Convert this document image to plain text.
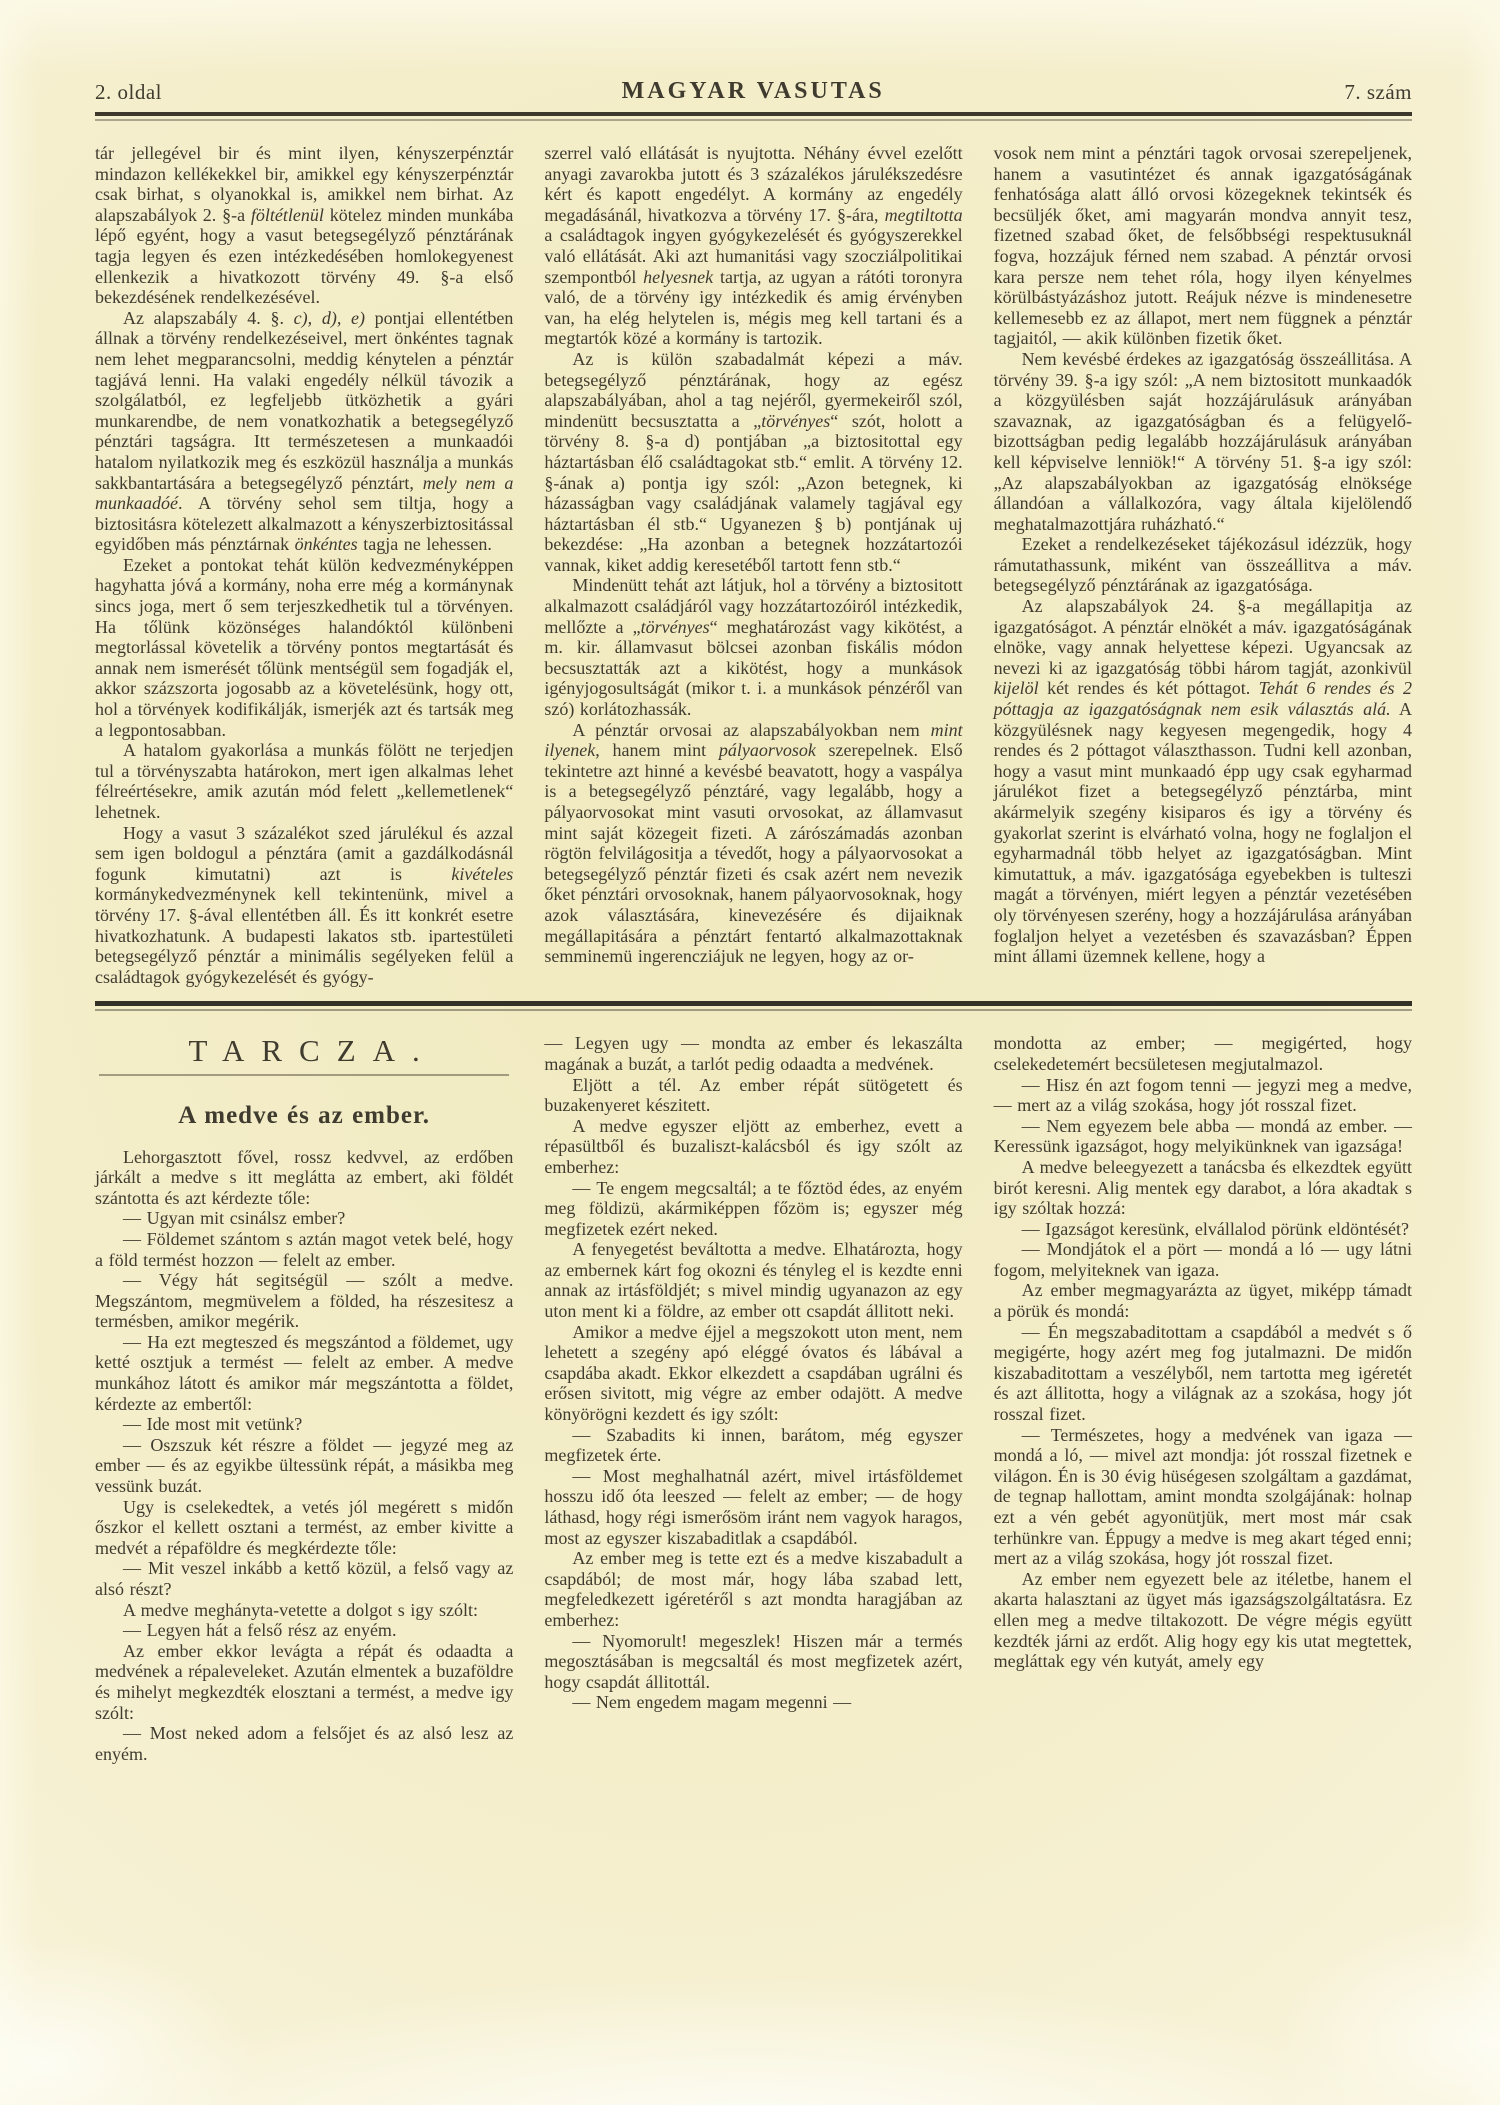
2. oldal	MAGYAR VASUTAS	7. szám

tár jellegével bir és mint ilyen, kényszerpénztár mindazon kellékekkel bir, amikkel egy kényszerpénztár csak birhat, s olyanokkal is, amikkel nem birhat. Az alapszabályok 2. §-a föltétlenül kötelez minden munkába lépő egyént, hogy a vasut betegsegélyző pénztárának tagja legyen és ezen intézkedésében homlokegyenest ellenkezik a hivatkozott törvény 49. §-a első bekezdésének rendelkezésével.

Az alapszabály 4. §. c), d), e) pontjai ellentétben állnak a törvény rendelkezéseivel, mert önkéntes tagnak nem lehet megparancsolni, meddig kénytelen a pénztár tagjává lenni. Ha valaki engedély nélkül távozik a szolgálatból, ez legfeljebb ütközhetik a gyári munkarendbe, de nem vonatkozhatik a betegsegélyző pénztári tagságra. Itt természetesen a munkaadói hatalom nyilatkozik meg és eszközül használja a munkás sakkbantartására a betegsegélyző pénztárt, mely nem a munkaadóé. A törvény sehol sem tiltja, hogy a biztositásra kötelezett alkalmazott a kényszerbiztositással egyidőben más pénztárnak önkéntes tagja ne lehessen.

Ezeket a pontokat tehát külön kedvezményképpen hagyhatta jóvá a kormány, noha erre még a kormánynak sincs joga, mert ő sem terjeszkedhetik tul a törvényen. Ha tőlünk közönséges halandóktól különbeni megtorlással követelik a törvény pontos megtartását és annak nem ismerését tőlünk mentségül sem fogadják el, akkor százszorta jogosabb az a követelésünk, hogy ott, hol a törvények kodifikálják, ismerjék azt és tartsák meg a legpontosabban.

A hatalom gyakorlása a munkás fölött ne terjedjen tul a törvényszabta határokon, mert igen alkalmas lehet félreértésekre, amik azután mód felett „kellemetlenek“ lehetnek.

Hogy a vasut 3 százalékot szed járulékul és azzal sem igen boldogul a pénztára (amit a gazdálkodásnál fogunk kimutatni) azt is kivételes kormánykedvezménynek kell tekintenünk, mivel a törvény 17. §-ával ellentétben áll. És itt konkrét esetre hivatkozhatunk. A budapesti lakatos stb. ipartestületi betegsegélyző pénztár a minimális segélyeken felül a családtagok gyógykezelését és gyógy-

szerrel való ellátását is nyujtotta. Néhány évvel ezelőtt anyagi zavarokba jutott és 3 százalékos járulékszedésre kért és kapott engedélyt. A kormány az engedély megadásánál, hivatkozva a törvény 17. §-ára, megtiltotta a családtagok ingyen gyógykezelését és gyógyszerekkel való ellátását. Aki azt humanitási vagy szocziálpolitikai szempontból helyesnek tartja, az ugyan a rátóti toronyra való, de a törvény igy intézkedik és amig érvényben van, ha elég helytelen is, mégis meg kell tartani és a megtartók közé a kormány is tartozik.

Az is külön szabadalmát képezi a máv. betegsegélyző pénztárának, hogy az egész alapszabályában, ahol a tag nejéről, gyermekeiről szól, mindenütt becsusztatta a „törvényes“ szót, holott a törvény 8. §-a d) pontjában „a biztositottal egy háztartásban élő családtagokat stb.“ emlit. A törvény 12. §-ának a) pontja igy szól: „Azon betegnek, ki házasságban vagy családjának valamely tagjával egy háztartásban él stb.“ Ugyanezen § b) pontjának uj bekezdése: „Ha azonban a betegnek hozzátartozói vannak, kiket addig keresetéből tartott fenn stb.“

Mindenütt tehát azt látjuk, hol a törvény a biztositott alkalmazott családjáról vagy hozzátartozóiról intézkedik, mellőzte a „törvényes“ meghatározást vagy kikötést, a m. kir. államvasut bölcsei azonban fiskális módon becsusztatták azt a kikötést, hogy a munkások igényjogosultságát (mikor t. i. a munkások pénzéről van szó) korlátozhassák.

A pénztár orvosai az alapszabályokban nem mint ilyenek, hanem mint pályaorvosok szerepelnek. Első tekintetre azt hinné a kevésbé beavatott, hogy a vaspálya is a betegsegélyző pénztáré, vagy legalább, hogy a pályaorvosokat mint vasuti orvosokat, az államvasut mint saját közegeit fizeti. A zárószámadás azonban rögtön felvilágositja a tévedőt, hogy a pályaorvosokat a betegsegélyző pénztár fizeti és csak azért nem nevezik őket pénztári orvosoknak, hanem pályaorvosoknak, hogy azok választására, kinevezésére és dijaiknak megállapitására a pénztárt fentartó alkalmazottaknak semminemü ingerencziájuk ne legyen, hogy az or-

vosok nem mint a pénztári tagok orvosai szerepeljenek, hanem a vasutintézet és annak igazgatóságának fenhatósága alatt álló orvosi közegeknek tekintsék és becsüljék őket, ami magyarán mondva annyit tesz, fizetned szabad őket, de felsőbbségi respektusuknál fogva, hozzájuk férned nem szabad. A pénztár orvosi kara persze nem tehet róla, hogy ilyen kényelmes körülbástyázáshoz jutott. Reájuk nézve is mindenesetre kellemesebb ez az állapot, mert nem függnek a pénztár tagjaitól, — akik különben fizetik őket.

Nem kevésbé érdekes az igazgatóság összeállitása. A törvény 39. §-a igy szól: „A nem biztositott munkaadók a közgyülésben saját hozzájárulásuk arányában szavaznak, az igazgatóságban és a felügyelő-bizottságban pedig legalább hozzájárulásuk arányában kell képviselve lenniök!“ A törvény 51. §-a igy szól: „Az alapszabályokban az igazgatóság elnöksége állandóan a vállalkozóra, vagy általa kijelölendő meghatalmazottjára ruházható.“

Ezeket a rendelkezéseket tájékozásul idézzük, hogy rámutathassunk, miként van összeállitva a máv. betegsegélyző pénztárának az igazgatósága.

Az alapszabályok 24. §-a megállapitja az igazgatóságot. A pénztár elnökét a máv. igazgatóságának elnöke, vagy annak helyettese képezi. Ugyancsak az nevezi ki az igazgatóság többi három tagját, azonkivül kijelöl két rendes és két póttagot. Tehát 6 rendes és 2 póttagja az igazgatóságnak nem esik választás alá. A közgyülésnek nagy kegyesen megengedik, hogy 4 rendes és 2 póttagot választhasson. Tudni kell azonban, hogy a vasut mint munkaadó épp ugy csak egyharmad járulékot fizet a betegsegélyző pénztárba, mint akármelyik szegény kisiparos és igy a törvény és gyakorlat szerint is elvárható volna, hogy ne foglaljon el egyharmadnál több helyet az igazgatóságban. Mint kimutattuk, a máv. igazgatósága egyebekben is tulteszi magát a törvényen, miért legyen a pénztár vezetésében oly törvényesen szerény, hogy a hozzájárulása arányában foglaljon helyet a vezetésben és szavazásban? Éppen mint állami üzemnek kellene, hogy a

TARCZA.
A medve és az ember.

Lehorgasztott fővel, rossz kedvvel, az erdőben járkált a medve s itt meglátta az embert, aki földét szántotta és azt kérdezte tőle:

— Ugyan mit csinálsz ember?

— Földemet szántom s aztán magot vetek belé, hogy a föld termést hozzon — felelt az ember.

— Végy hát segitségül — szólt a medve. Megszántom, megmüvelem a földed, ha részesitesz a termésben, amikor megérik.

— Ha ezt megteszed és megszántod a földemet, ugy ketté osztjuk a termést — felelt az ember. A medve munkához látott és amikor már megszántotta a földet, kérdezte az embertől:

— Ide most mit vetünk?

— Oszszuk két részre a földet — jegyzé meg az ember — és az egyikbe ültessünk répát, a másikba meg vessünk buzát.

Ugy is cselekedtek, a vetés jól megérett s midőn őszkor el kellett osztani a termést, az ember kivitte a medvét a répaföldre és megkérdezte tőle:

— Mit veszel inkább a kettő közül, a felső vagy az alsó részt?

A medve meghányta-vetette a dolgot s igy szólt:

— Legyen hát a felső rész az enyém.

Az ember ekkor levágta a répát és odaadta a medvének a répaleveleket. Azután elmentek a buzaföldre és mihelyt megkezdték elosztani a termést, a medve igy szólt:

— Most neked adom a felsőjet és az alsó lesz az enyém.

— Legyen ugy — mondta az ember és lekaszálta magának a buzát, a tarlót pedig odaadta a medvének.

Eljött a tél. Az ember répát sütögetett és buzakenyeret készitett.

A medve egyszer eljött az emberhez, evett a répasültből és buzaliszt-kalácsból és igy szólt az emberhez:

— Te engem megcsaltál; a te főztöd édes, az enyém meg földizü, akármiképpen főzöm is; egyszer még megfizetek ezért neked.

A fenyegetést beváltotta a medve. Elhatározta, hogy az embernek kárt fog okozni és tényleg el is kezdte enni annak az irtásföldjét; s mivel mindig ugyanazon az egy uton ment ki a földre, az ember ott csapdát állitott neki.

Amikor a medve éjjel a megszokott uton ment, nem lehetett a szegény apó eléggé óvatos és lábával a csapdába akadt. Ekkor elkezdett a csapdában ugrálni és erősen sivitott, mig végre az ember odajött. A medve könyörögni kezdett és igy szólt:

— Szabadits ki innen, barátom, még egyszer megfizetek érte.

— Most meghalhatnál azért, mivel irtásföldemet hosszu idő óta leeszed — felelt az ember; — de hogy láthasd, hogy régi ismerősöm iránt nem vagyok haragos, most az egyszer kiszabaditlak a csapdából.

Az ember meg is tette ezt és a medve kiszabadult a csapdából; de most már, hogy lába szabad lett, megfeledkezett igéretéről s azt mondta haragjában az emberhez:

— Nyomorult! megeszlek! Hiszen már a termés megosztásában is megcsaltál és most megfizetek azért, hogy csapdát állitottál.

— Nem engedem magam megenni —

mondotta az ember; — megigérted, hogy cselekedetemért becsületesen megjutalmazol.

— Hisz én azt fogom tenni — jegyzi meg a medve, — mert az a világ szokása, hogy jót rosszal fizet.

— Nem egyezem bele abba — mondá az ember. — Keressünk igazságot, hogy melyikünknek van igazsága!

A medve beleegyezett a tanácsba és elkezdtek együtt birót keresni. Alig mentek egy darabot, a lóra akadtak s igy szóltak hozzá:

— Igazságot keresünk, elvállalod pörünk eldöntését?

— Mondjátok el a pört — mondá a ló — ugy látni fogom, melyiteknek van igaza.

Az ember megmagyarázta az ügyet, miképp támadt a pörük és mondá:

— Én megszabaditottam a csapdából a medvét s ő megigérte, hogy azért meg fog jutalmazni. De midőn kiszabaditottam a veszélyből, nem tartotta meg igéretét és azt állitotta, hogy a világnak az a szokása, hogy jót rosszal fizet.

— Természetes, hogy a medvének van igaza — mondá a ló, — mivel azt mondja: jót rosszal fizetnek e világon. Én is 30 évig hüségesen szolgáltam a gazdámat, de tegnap hallottam, amint mondta szolgájának: holnap ezt a vén gebét agyonütjük, mert most már csak terhünkre van. Éppugy a medve is meg akart téged enni; mert az a világ szokása, hogy jót rosszal fizet.

Az ember nem egyezett bele az itéletbe, hanem el akarta halasztani az ügyet más igazságszolgáltatásra. Ez ellen meg a medve tiltakozott. De végre mégis együtt kezdték járni az erdőt. Alig hogy egy kis utat megtettek, megláttak egy vén kutyát, amely egy
